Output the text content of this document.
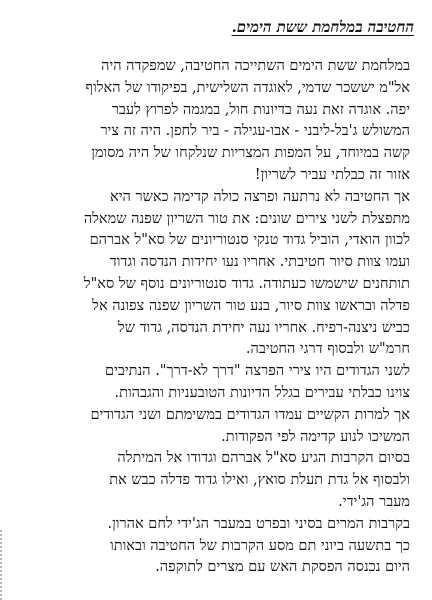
החטיבה במלחמת ששת הימים.
במלחמת ששת הימים השתייכה החטיבה, שמפקדה היה
אל"מ יששכר שדמי, לאוגדה השלישית, בפיקודו של האלוף
יפה. אוגדה זאת נעה בדיונות חול, במגמה לפרוץ לעבר
המשולש ג'בל-ליבני - אבו-עגילה - ביר לחפן. היה זה ציר
קשה במיוחד, על המפות המצריות שנלקחו של היה מסומן
אזור זה כבלתי עביר לשריון!
אך החטיבה לא נרתעה ופרצה כולה קדימה כאשר היא
מתפצלת לשני צירים שונים: את טור השריון שפנה שמאלה
לכוון הואדי, הוביל גדוד טנקי סנטוריונים של סא"ל אברהם
ועמו צוות סיור חטיבתי. אחריו נעו יחידות הנדסה וגדוד
תותחנים שישמשו כעתודה. גדוד סנטוריונים נוסף של סא"ל
פדלה ובראשו צוות סיור, בנע טור השריון שפנה צפונה אל
כביש ניצנה-רפיח. אחריו נעה יחידת הנדסה, גדוד של
חרמ"ש ולבסוף דרגי החטיבה.
לשני הגדודים היו צירי הפרצה "דרך לא-דרך". הנתיבים
צוינו כבלתי עבירים בגלל הדיונות הטובעניות והגבהות.
אך למרות הקשיים עמדו הגדודים במשימתם ושני הגדודים
המשיכו לנוע קדימה לפי הפקודות.
בסיום הקרבות הגיע סא"ל אברהם וגדודו אל המיתלה
ולבסוף אל גדת תעלת סואץ, ואילו גדוד פדלה כבש את
מעבר הג'ידי.
בקרבות המרים בסיני ובפרט במעבר הג'ידי לחם אהרון.
כך בתשעה ביוני תם מסע הקרבות של החטיבה ובאותו
היום נכנסה הפסקת האש עם מצרים לתוקפה.
